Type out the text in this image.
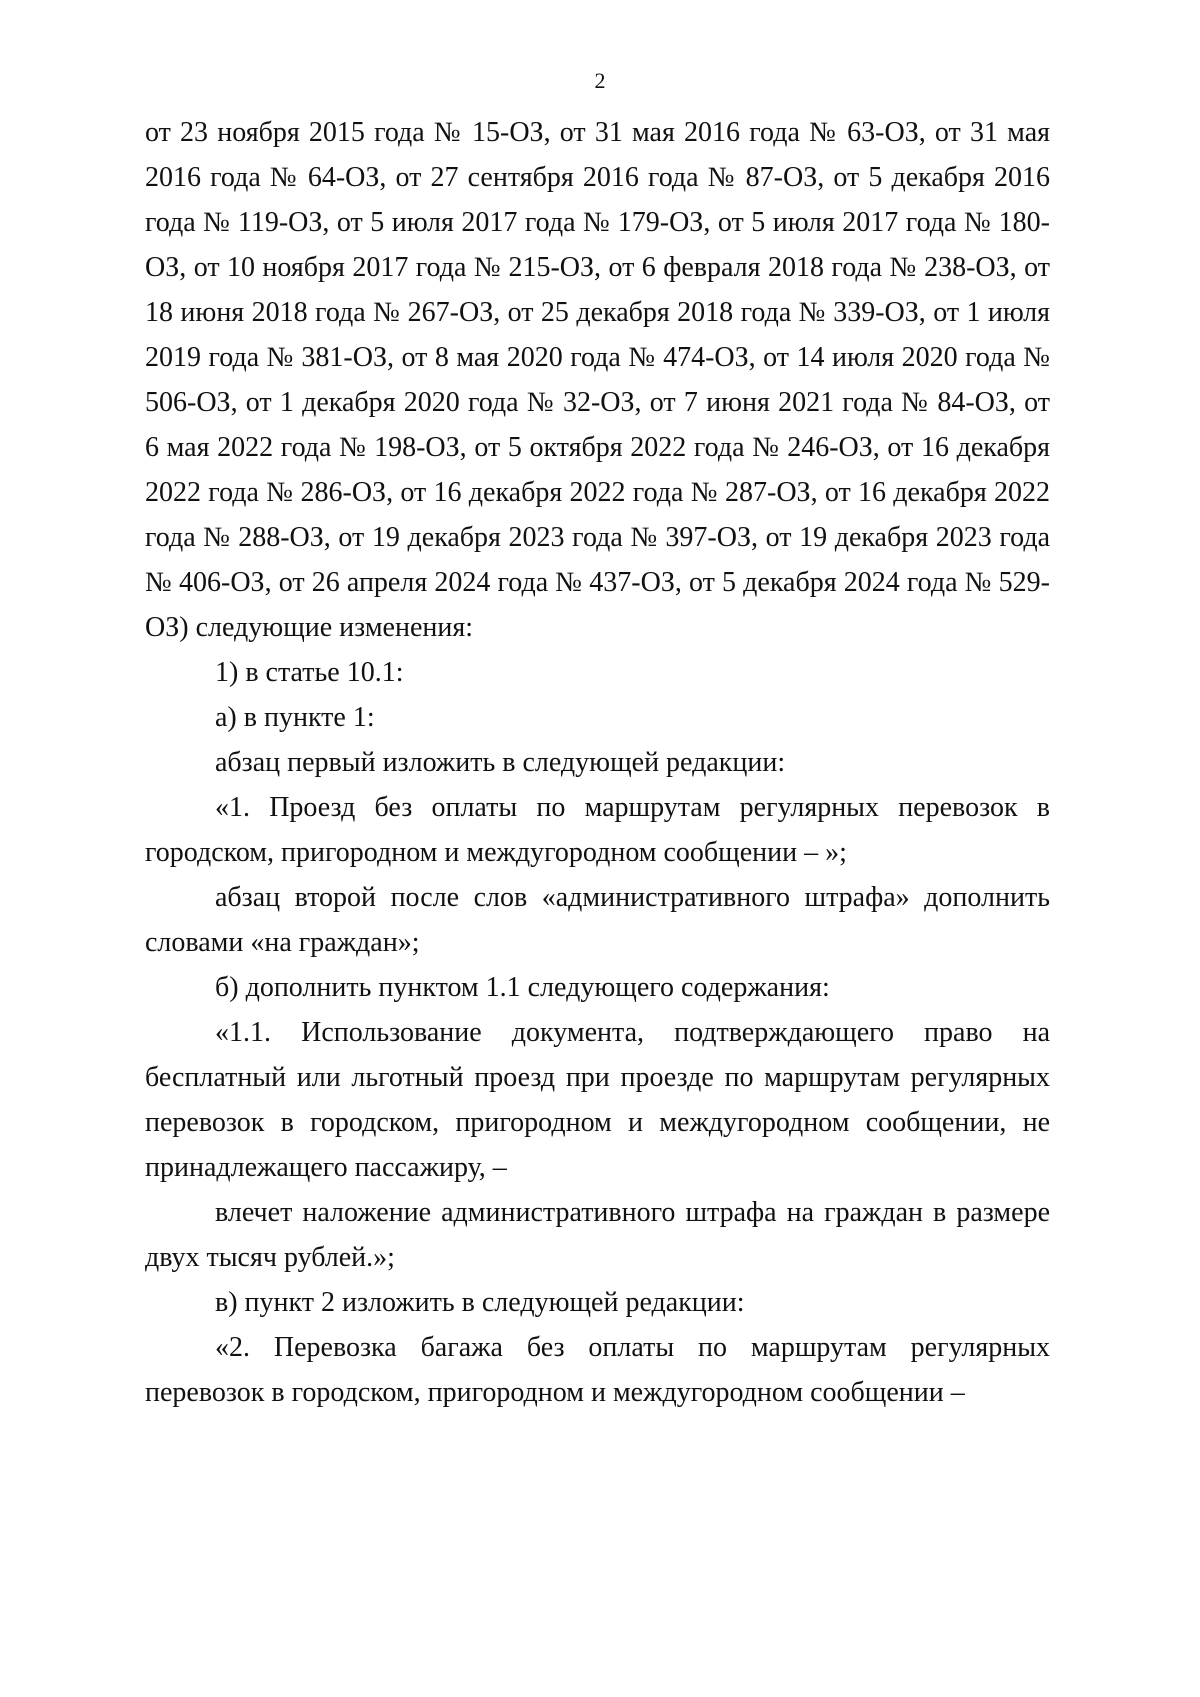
2

от 23 ноября 2015 года № 15-ОЗ, от 31 мая 2016 года № 63-ОЗ, от 31 мая 2016 года № 64-ОЗ, от 27 сентября 2016 года № 87-ОЗ, от 5 декабря 2016 года № 119-ОЗ, от 5 июля 2017 года № 179-ОЗ, от 5 июля 2017 года № 180-ОЗ, от 10 ноября 2017 года № 215-ОЗ, от 6 февраля 2018 года № 238-ОЗ, от 18 июня 2018 года № 267-ОЗ, от 25 декабря 2018 года № 339-ОЗ, от 1 июля 2019 года № 381-ОЗ, от 8 мая 2020 года № 474-ОЗ, от 14 июля 2020 года № 506-ОЗ, от 1 декабря 2020 года № 32-ОЗ, от 7 июня 2021 года № 84-ОЗ, от 6 мая 2022 года № 198-ОЗ, от 5 октября 2022 года № 246-ОЗ, от 16 декабря 2022 года № 286-ОЗ, от 16 декабря 2022 года № 287-ОЗ, от 16 декабря 2022 года № 288-ОЗ, от 19 декабря 2023 года № 397-ОЗ, от 19 декабря 2023 года № 406-ОЗ, от 26 апреля 2024 года № 437-ОЗ, от 5 декабря 2024 года № 529-ОЗ) следующие изменения:

1) в статье 10.1:

а) в пункте 1:

абзац первый изложить в следующей редакции:

«1. Проезд без оплаты по маршрутам регулярных перевозок в городском, пригородном и междугородном сообщении – »;

абзац второй после слов «административного штрафа» дополнить словами «на граждан»;

б) дополнить пунктом 1.1 следующего содержания:

«1.1. Использование документа, подтверждающего право на бесплатный или льготный проезд при проезде по маршрутам регулярных перевозок в городском, пригородном и междугородном сообщении, не принадлежащего пассажиру, –

влечет наложение административного штрафа на граждан в размере двух тысяч рублей.»;

в) пункт 2 изложить в следующей редакции:

«2. Перевозка багажа без оплаты по маршрутам регулярных перевозок в городском, пригородном и междугородном сообщении –
